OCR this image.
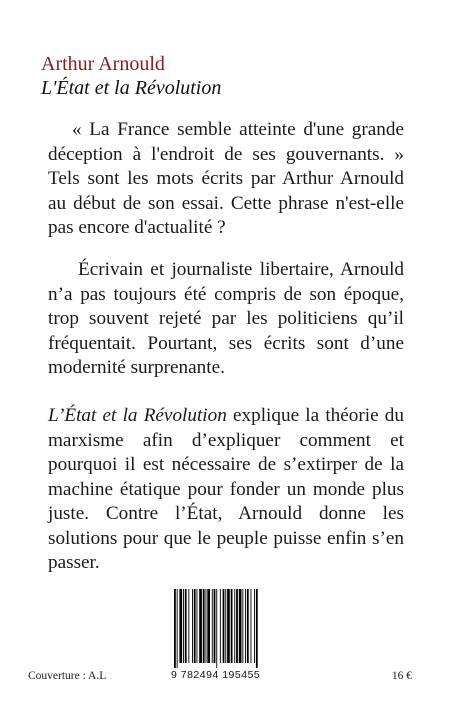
Arthur Arnould
L'État et la Révolution

« La France semble atteinte d'une grande déception à l'endroit de ses gouvernants. » Tels sont les mots écrits par Arthur Arnould au début de son essai. Cette phrase n'est-elle pas encore d'actualité ?

Écrivain et journaliste libertaire, Arnould n’a pas toujours été compris de son époque, trop souvent rejeté par les politiciens qu’il fréquentait. Pourtant, ses écrits sont d’une modernité surprenante.

L’État et la Révolution explique la théorie du marxisme afin d’expliquer comment et pourquoi il est nécessaire de s’extirper de la machine étatique pour fonder un monde plus juste. Contre l’État, Arnould donne les solutions pour que le peuple puisse enfin s’en passer.

9 782494 195455
Couverture : A.L	16 €
